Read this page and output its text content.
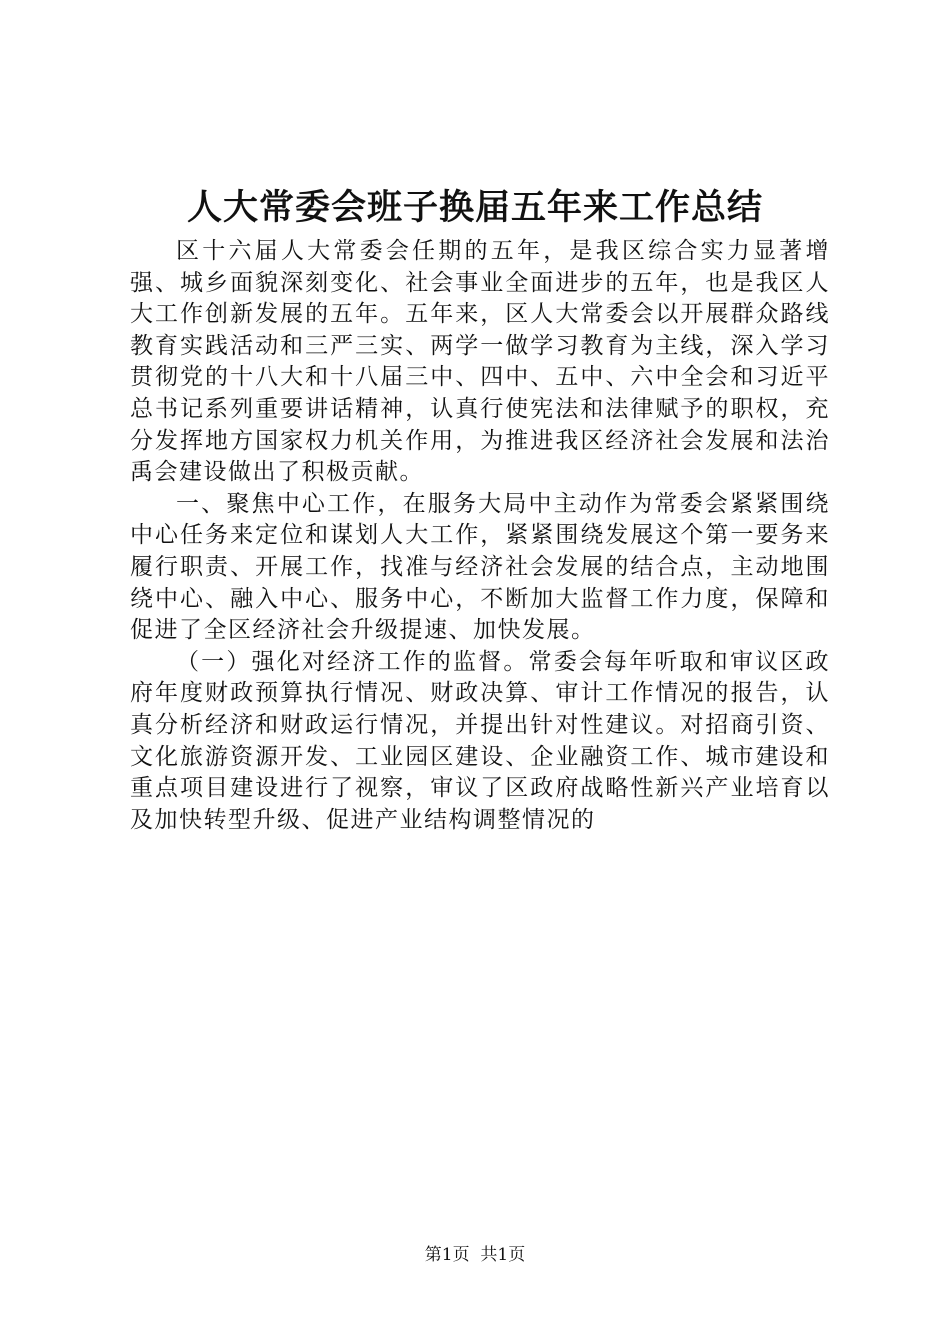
人大常委会班子换届五年来工作总结

区十六届人大常委会任期的五年，是我区综合实力显著增强、城乡面貌深刻变化、社会事业全面进步的五年，也是我区人大工作创新发展的五年。五年来，区人大常委会以开展群众路线教育实践活动和三严三实、两学一做学习教育为主线，深入学习贯彻党的十八大和十八届三中、四中、五中、六中全会和习近平总书记系列重要讲话精神，认真行使宪法和法律赋予的职权，充分发挥地方国家权力机关作用，为推进我区经济社会发展和法治禹会建设做出了积极贡献。

一、聚焦中心工作，在服务大局中主动作为常委会紧紧围绕中心任务来定位和谋划人大工作，紧紧围绕发展这个第一要务来履行职责、开展工作，找准与经济社会发展的结合点，主动地围绕中心、融入中心、服务中心，不断加大监督工作力度，保障和促进了全区经济社会升级提速、加快发展。

（一）强化对经济工作的监督。常委会每年听取和审议区政府年度财政预算执行情况、财政决算、审计工作情况的报告，认真分析经济和财政运行情况，并提出针对性建议。对招商引资、文化旅游资源开发、工业园区建设、企业融资工作、城市建设和重点项目建设进行了视察，审议了区政府战略性新兴产业培育以及加快转型升级、促进产业结构调整情况的

第1页 共1页
